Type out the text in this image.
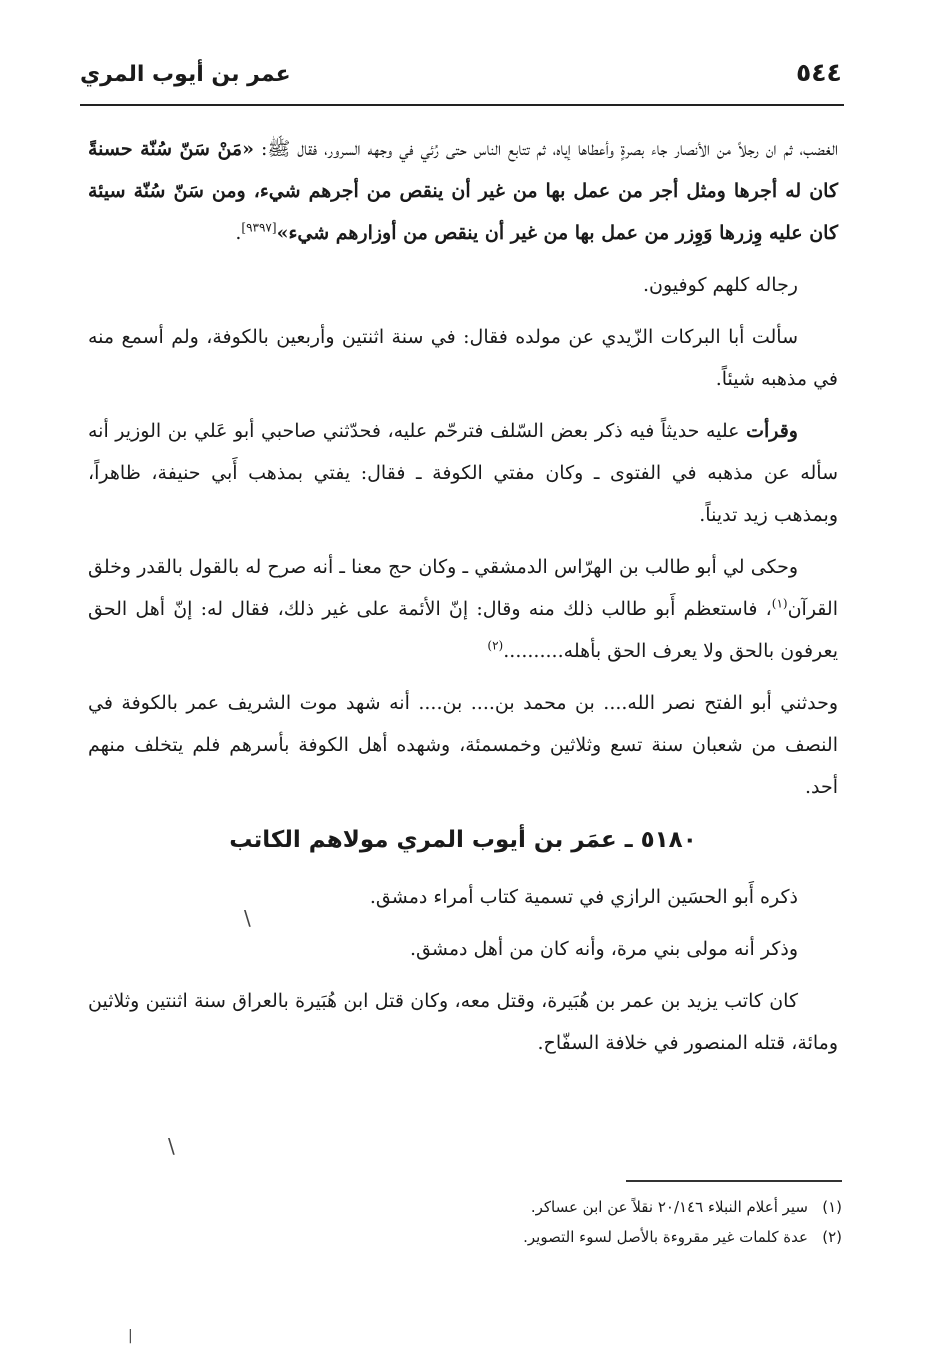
٥٤٤
عمر بن أيوب المري

الغضب، ثم ان رجلاً من الأنصار جاء بصرةٍ وأعطاها إياه، ثم تتابع الناس حتى رُئي في وجهه السرور، فقال ﷺ: «مَنْ سَنّ سُنّة حسنةً كان له أجرها ومثل أجر من عمل بها من غير أن ينقص من أجرهم شيء، ومن سَنّ سُنّة سيئة كان عليه وِزرها وَوِزر من عمل بها من غير أن ينقص من أوزارهم شيء»[٩٣٩٧].

رجاله كلهم كوفيون.

سألت أبا البركات الزّيدي عن مولده فقال: في سنة اثنتين وأربعين بالكوفة، ولم أسمع منه في مذهبه شيئاً.

وقرأت عليه حديثاً فيه ذكر بعض السّلف فترحّم عليه، فحدّثني صاحبي أبو عَلي بن الوزير أنه سأله عن مذهبه في الفتوى ـ وكان مفتي الكوفة ـ فقال: يفتي بمذهب أَبي حنيفة، ظاهراً، وبمذهب زيد تديناً.

وحكى لي أبو طالب بن الهرّاس الدمشقي ـ وكان حج معنا ـ أنه صرح له بالقول بالقدر وخلق القرآن$^{(١)}$، فاستعظم أَبو طالب ذلك منه وقال: إنّ الأئمة على غير ذلك، فقال له: إنّ أهل الحق يعرفون بالحق ولا يعرف الحق بأهله..........$^{(٢)}$

وحدثني أبو الفتح نصر الله.... بن محمد بن.... بن.... أنه شهد موت الشريف عمر بالكوفة في النصف من شعبان سنة تسع وثلاثين وخمسمئة، وشهده أهل الكوفة بأسرهم فلم يتخلف منهم أحد.

٥١٨٠ ـ عمَر بن أيوب المري مولاهم الكاتب

ذكره أَبو الحسَين الرازي في تسمية كتاب أمراء دمشق.

وذكر أنه مولى بني مرة، وأنه كان من أهل دمشق.

كان كاتب يزيد بن عمر بن هُبَيرة، وقتل معه، وكان قتل ابن هُبَيرة بالعراق سنة اثنتين وثلاثين ومائة، قتله المنصور في خلافة السفّاح.

\
\
|
(١)سير أعلام النبلاء ٢٠/١٤٦ نقلاً عن ابن عساكر.
(٢)عدة كلمات غير مقروءة بالأصل لسوء التصوير.
